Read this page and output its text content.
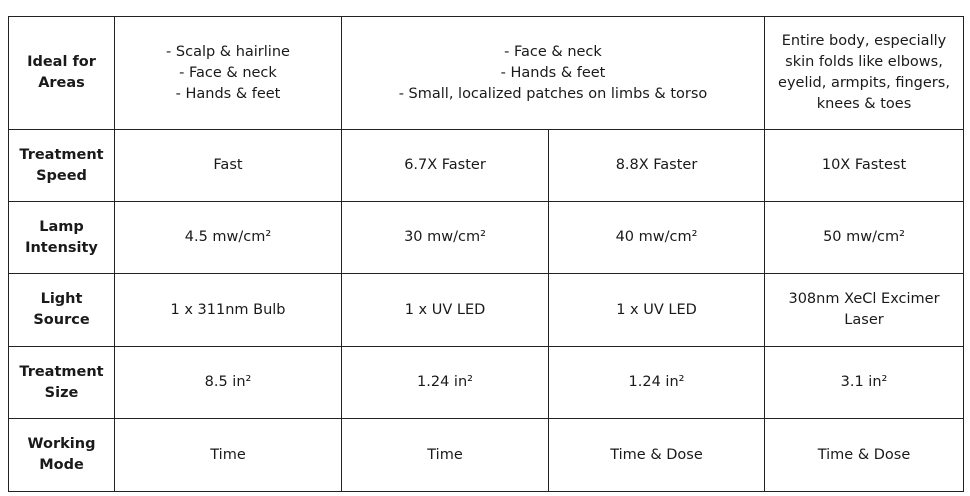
Ideal for
Areas	- Scalp & hairline
- Face & neck
- Hands & feet	- Face & neck
- Hands & feet
- Small, localized patches on limbs & torso		Entire body, especially
skin folds like elbows,
eyelid, armpits, fingers,
knees & toes

Treatment
Speed	Fast	6.7X Faster	8.8X Faster	10X Fastest

Lamp
Intensity	4.5 mw/cm²	30 mw/cm²	40 mw/cm²	50 mw/cm²

Light
Source	1 x 311nm Bulb	1 x UV LED	1 x UV LED	308nm XeCl Excimer
Laser

Treatment
Size	8.5 in²	1.24 in²	1.24 in²	3.1 in²

Working
Mode	Time	Time	Time & Dose	Time & Dose
